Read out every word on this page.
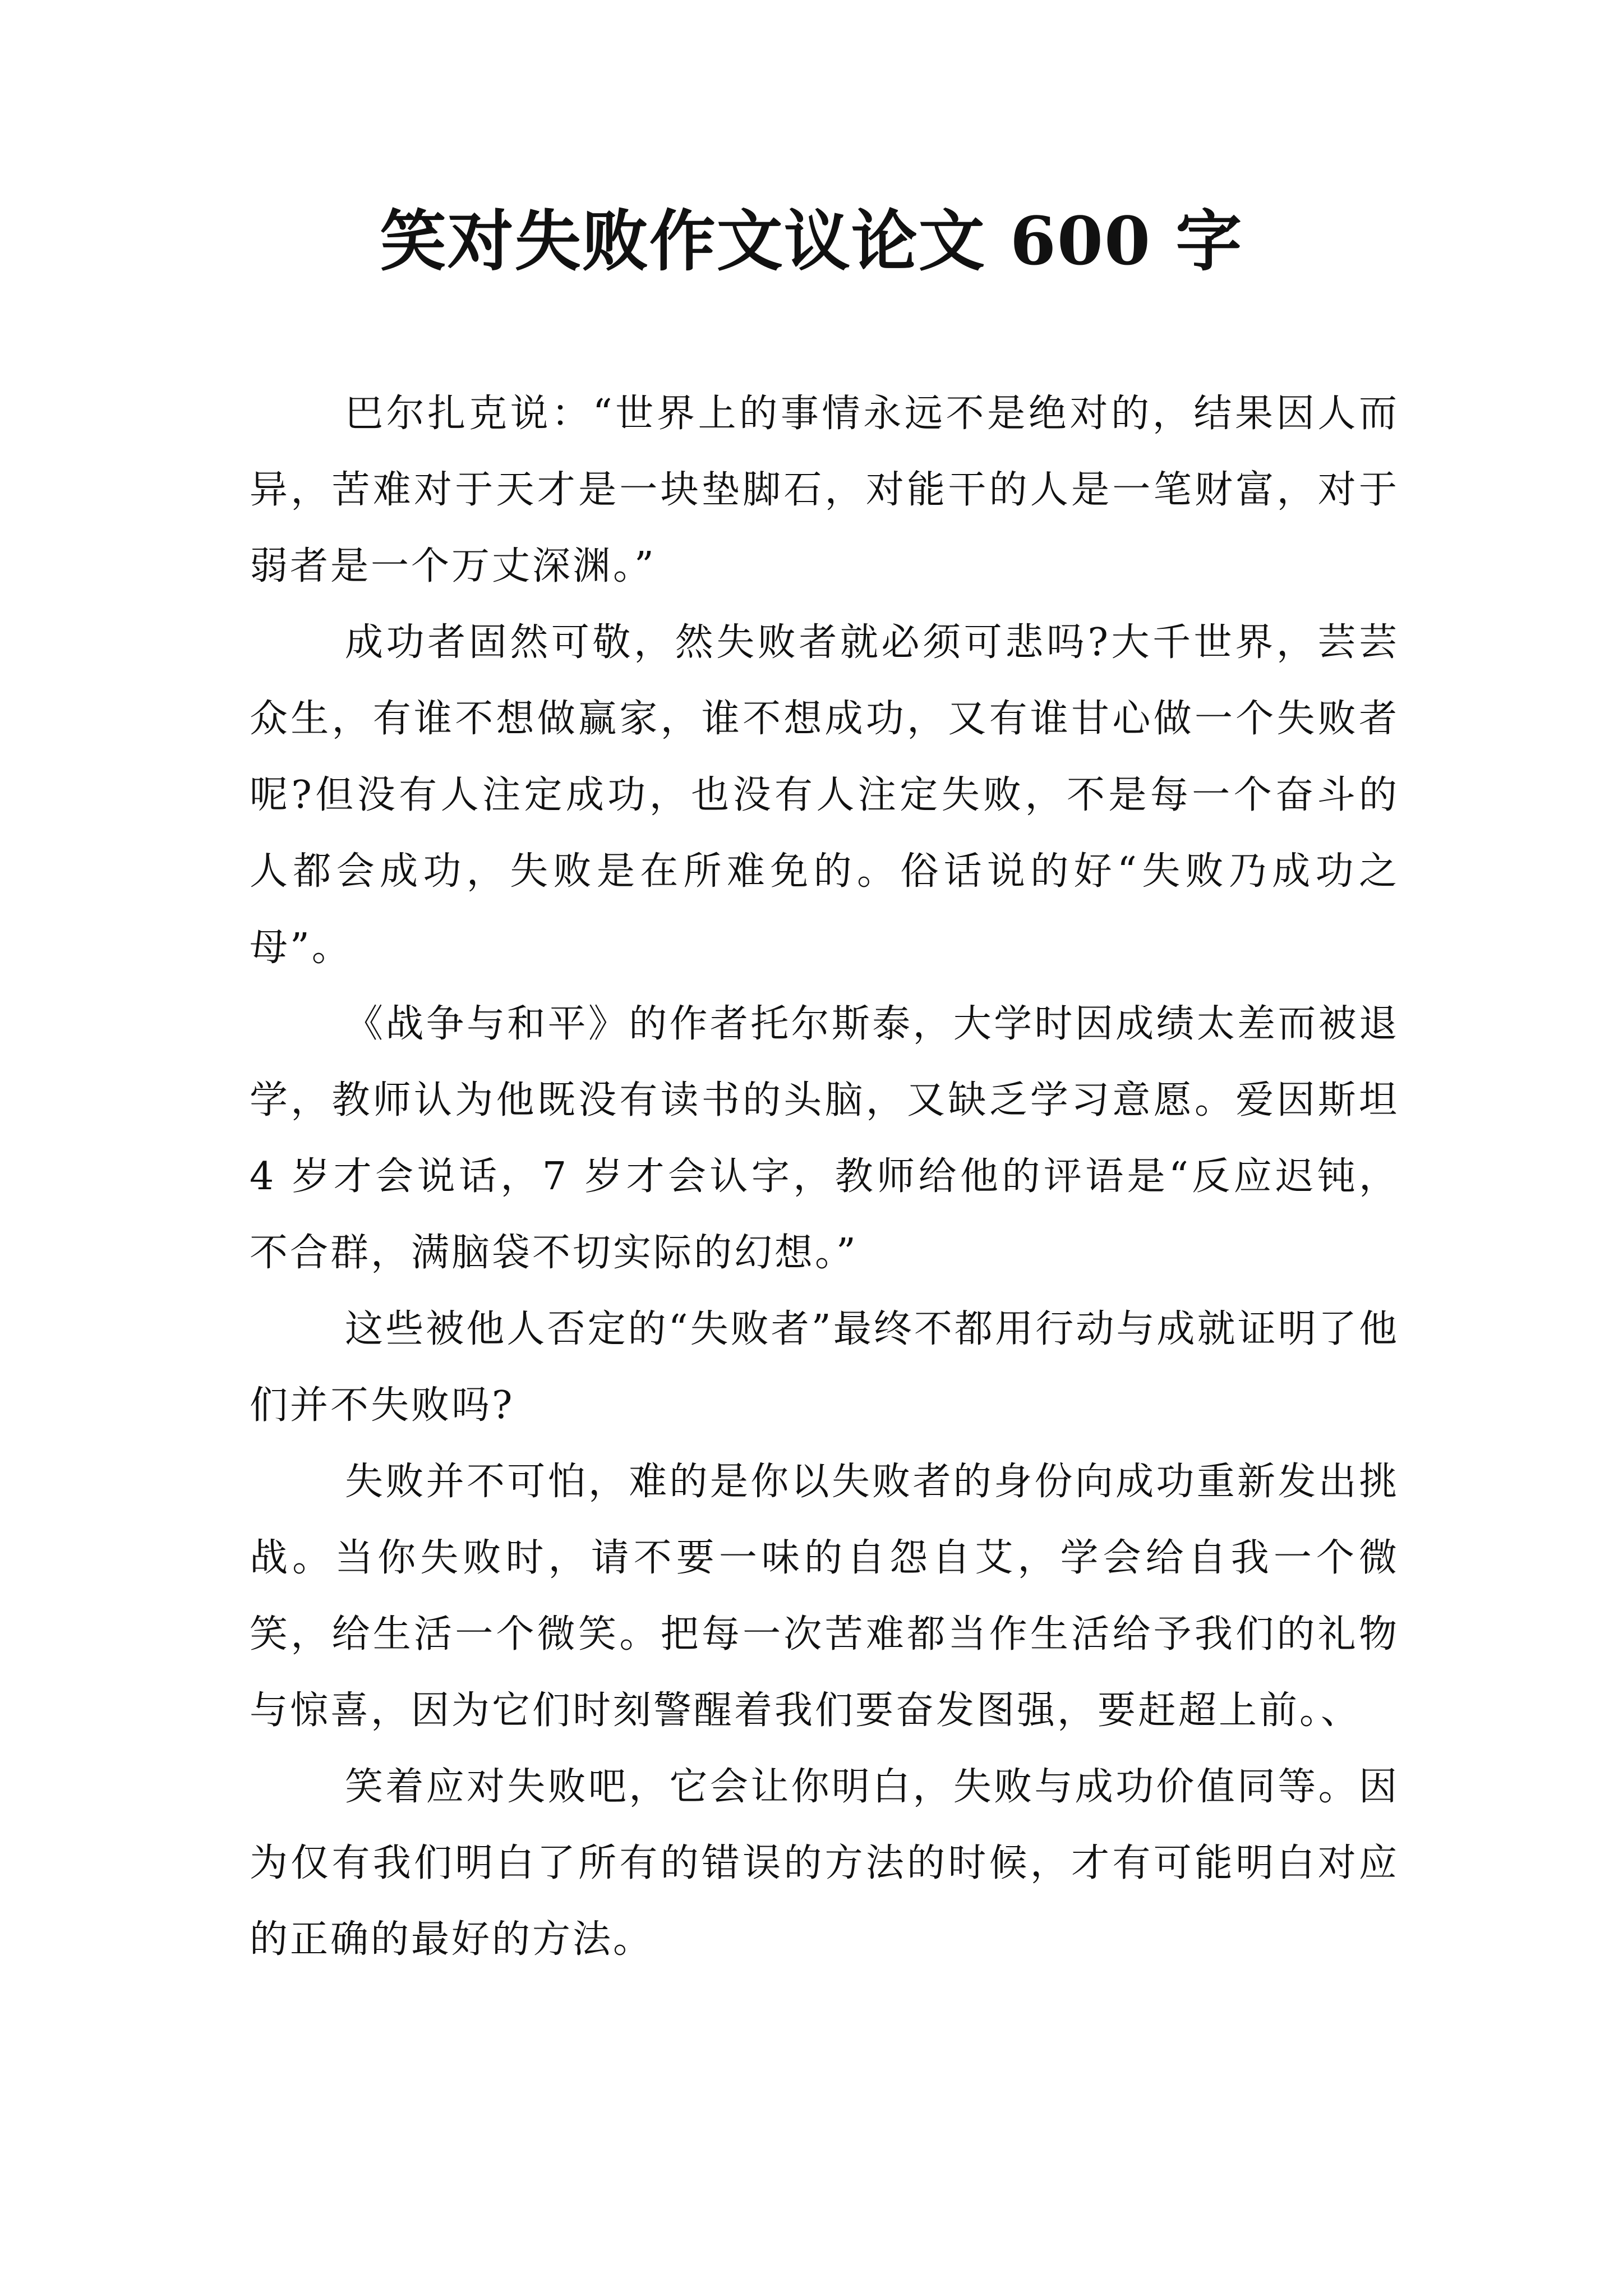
笑对失败作文议论文 600 字

巴尔扎克说：“世界上的事情永远不是绝对的，结果因人而异，苦难对于天才是一块垫脚石，对能干的人是一笔财富，对于弱者是一个万丈深渊。”

成功者固然可敬，然失败者就必须可悲吗?大千世界，芸芸众生，有谁不想做赢家，谁不想成功，又有谁甘心做一个失败者呢?但没有人注定成功，也没有人注定失败，不是每一个奋斗的人都会成功，失败是在所难免的。俗话说的好“失败乃成功之母”。

《战争与和平》的作者托尔斯泰，大学时因成绩太差而被退学，教师认为他既没有读书的头脑，又缺乏学习意愿。爱因斯坦 4 岁才会说话，7 岁才会认字，教师给他的评语是“反应迟钝，不合群，满脑袋不切实际的幻想。”

这些被他人否定的“失败者”最终不都用行动与成就证明了他们并不失败吗?

失败并不可怕，难的是你以失败者的身份向成功重新发出挑战。当你失败时，请不要一味的自怨自艾，学会给自我一个微笑，给生活一个微笑。把每一次苦难都当作生活给予我们的礼物与惊喜，因为它们时刻警醒着我们要奋发图强，要赶超上前。、

笑着应对失败吧，它会让你明白，失败与成功价值同等。因为仅有我们明白了所有的错误的方法的时候，才有可能明白对应的正确的最好的方法。
